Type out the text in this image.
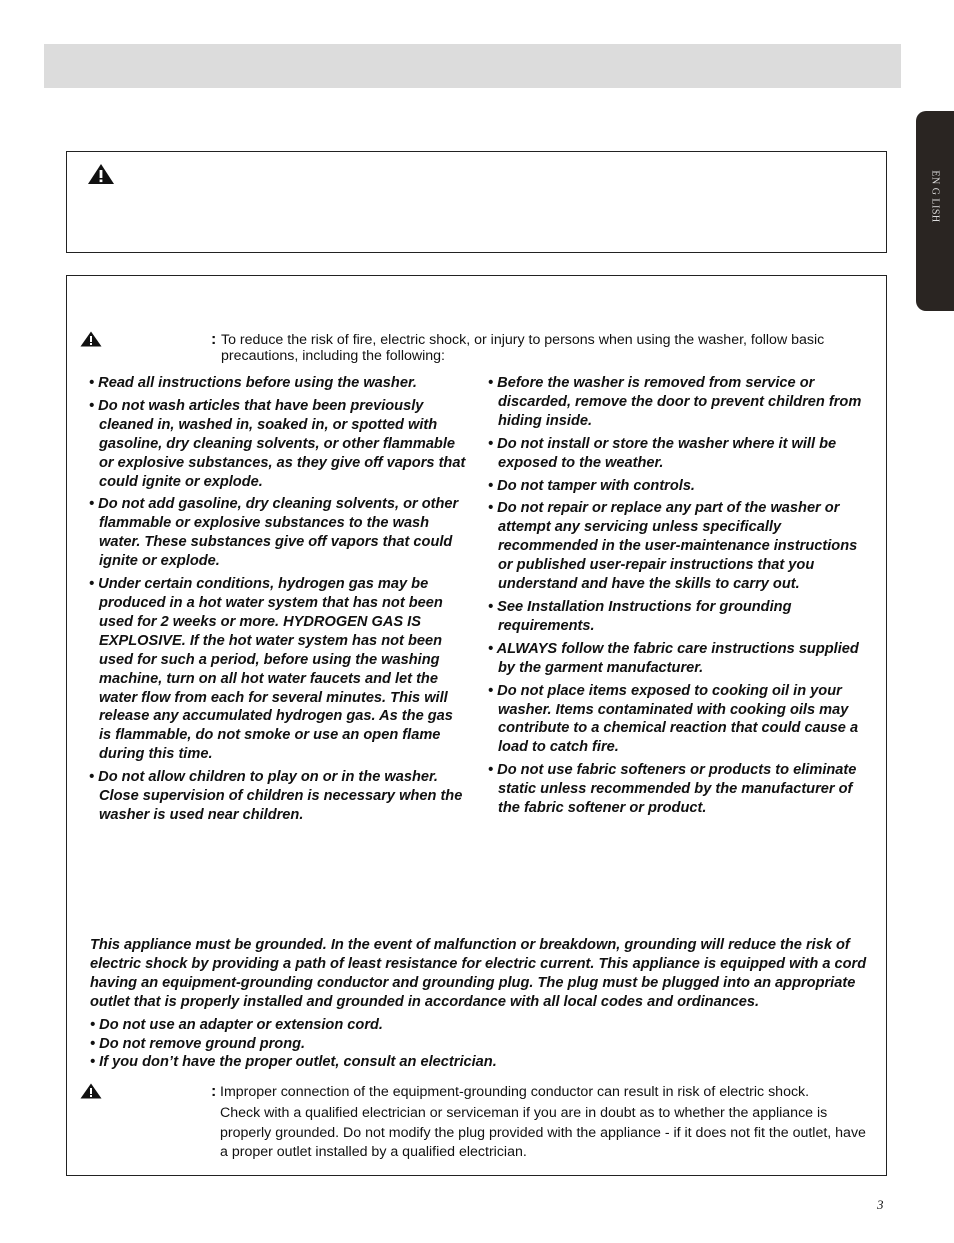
EN G LISH
: To reduce the risk of fire, electric shock, or injury to persons when using the washer, follow basic precautions, including the following:
• Read all instructions before using the washer.
• Do not wash articles that have been previously cleaned in, washed in, soaked in, or spotted with gasoline, dry cleaning solvents, or other flammable or explosive substances, as they give off vapors that could ignite or explode.
• Do not add gasoline, dry cleaning solvents, or other flammable or explosive substances to the wash water. These substances give off vapors that could ignite or explode.
• Under certain conditions, hydrogen gas may be produced in a hot water system that has not been used for 2 weeks or more. HYDROGEN GAS IS EXPLOSIVE. If the hot water system has not been used for such a period, before using the washing machine, turn on all hot water faucets and let the water flow from each for several minutes. This will release any accumulated hydrogen gas. As the gas is flammable, do not smoke or use an open flame during this time.
• Do not allow children to play on or in the washer. Close supervision of children is necessary when the washer is used near children.
• Before the washer is removed from service or discarded, remove the door to prevent children from hiding inside.
• Do not install or store the washer where it will be exposed to the weather.
• Do not tamper with controls.
• Do not repair or replace any part of the washer or attempt any servicing unless specifically recommended in the user-maintenance instructions or published user-repair instructions that you understand and have the skills to carry out.
• See Installation Instructions for grounding requirements.
• ALWAYS follow the fabric care instructions supplied by the garment manufacturer.
• Do not place items exposed to cooking oil in your washer. Items contaminated with cooking oils may contribute to a chemical reaction that could cause a load to catch fire.
• Do not use fabric softeners or products to eliminate static unless recommended by the manufacturer of the fabric softener or product.

This appliance must be grounded. In the event of malfunction or breakdown, grounding will reduce the risk of electric shock by providing a path of least resistance for electric current. This appliance is equipped with a cord having an equipment-grounding conductor and grounding plug. The plug must be plugged into an appropriate outlet that is properly installed and grounded in accordance with all local codes and ordinances.

• Do not use an adapter or extension cord.
• Do not remove ground prong.
• If you don’t have the proper outlet, consult an electrician.
: Improper connection of the equipment-grounding conductor can result in risk of electric shock.
Check with a qualified electrician or serviceman if you are in doubt as to whether the appliance is properly grounded. Do not modify the plug provided with the appliance - if it does not fit the outlet, have a proper outlet installed by a qualified electrician.
3
